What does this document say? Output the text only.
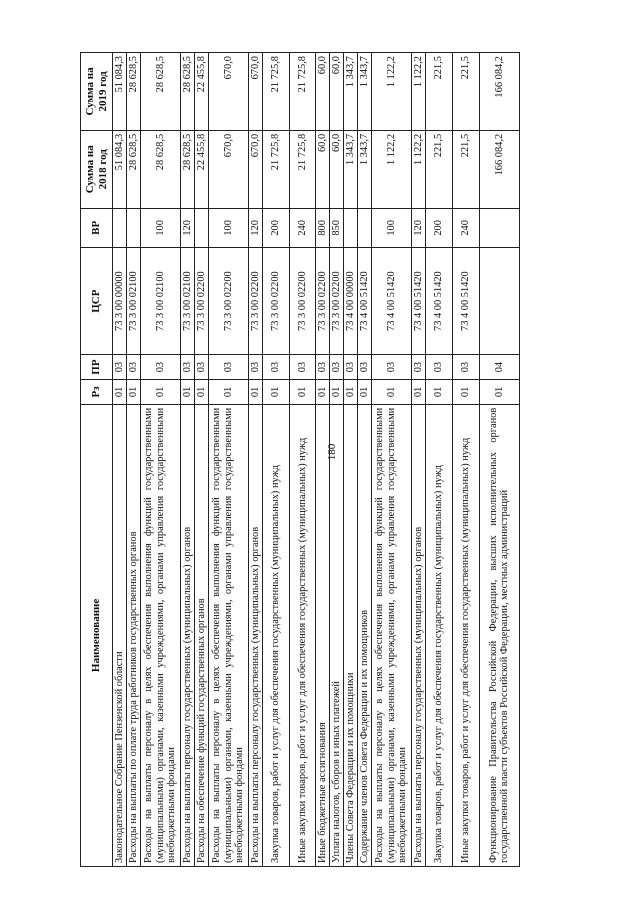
180
Наименование	Рз	ПР	ЦСР	ВР	Сумма на 2018 год	Сумма на 2019 год

Законодательное Собрание Пензенской области	01	03	73 3 00 00000		51 084,3	51 084,3
Расходы на выплаты по оплате труда работников государственных органов	01	03	73 3 00 02100		28 628,5	28 628,5
Расходы на выплаты персоналу в целях обеспечения выполнения функций государственными (муниципальными) органами, казенными учреждениями, органами управления государственными внебюджетными фондами	01	03	73 3 00 02100	100	28 628,5	28 628,5
Расходы на выплаты персоналу государственных (муниципальных) органов	01	03	73 3 00 02100	120	28 628,5	28 628,5
Расходы на обеспечение функций государственных органов	01	03	73 3 00 02200		22 455,8	22 455,8
Расходы на выплаты персоналу в целях обеспечения выполнения функций государственными (муниципальными) органами, казенными учреждениями, органами управления государственными внебюджетными фондами	01	03	73 3 00 02200	100	670,0	670,0
Расходы на выплаты персоналу государственных (муниципальных) органов	01	03	73 3 00 02200	120	670,0	670,0
Закупка товаров, работ и услуг для обеспечения государственных (муниципальных) нужд	01	03	73 3 00 02200	200	21 725,8	21 725,8
Иные закупки товаров, работ и услуг для обеспечения государственных (муниципальных) нужд	01	03	73 3 00 02200	240	21 725,8	21 725,8
Иные бюджетные ассигнования	01	03	73 3 00 02200	800	60,0	60,0
Уплата налогов, сборов и иных платежей	01	03	73 3 00 02200	850	60,0	60,0
Члены Совета Федерации и их помощники	01	03	73 4 00 00000		1 343,7	1 343,7
Содержание членов Совета Федерации и их помощников	01	03	73 4 00 51420		1 343,7	1 343,7
Расходы на выплаты персоналу в целях обеспечения выполнения функций государственными (муниципальными) органами, казенными учреждениями, органами управления государственными внебюджетными фондами	01	03	73 4 00 51420	100	1 122,2	1 122,2
Расходы на выплаты персоналу государственных (муниципальных) органов	01	03	73 4 00 51420	120	1 122,2	1 122,2
Закупка товаров, работ и услуг для обеспечения государственных (муниципальных) нужд	01	03	73 4 00 51420	200	221,5	221,5
Иные закупки товаров, работ и услуг для обеспечения государственных (муниципальных) нужд	01	03	73 4 00 51420	240	221,5	221,5
Функционирование Правительства Российской Федерации, высших исполнительных органов государственной власти субъектов Российской Федерации, местных администраций	01	04			166 084,2	166 084,2
